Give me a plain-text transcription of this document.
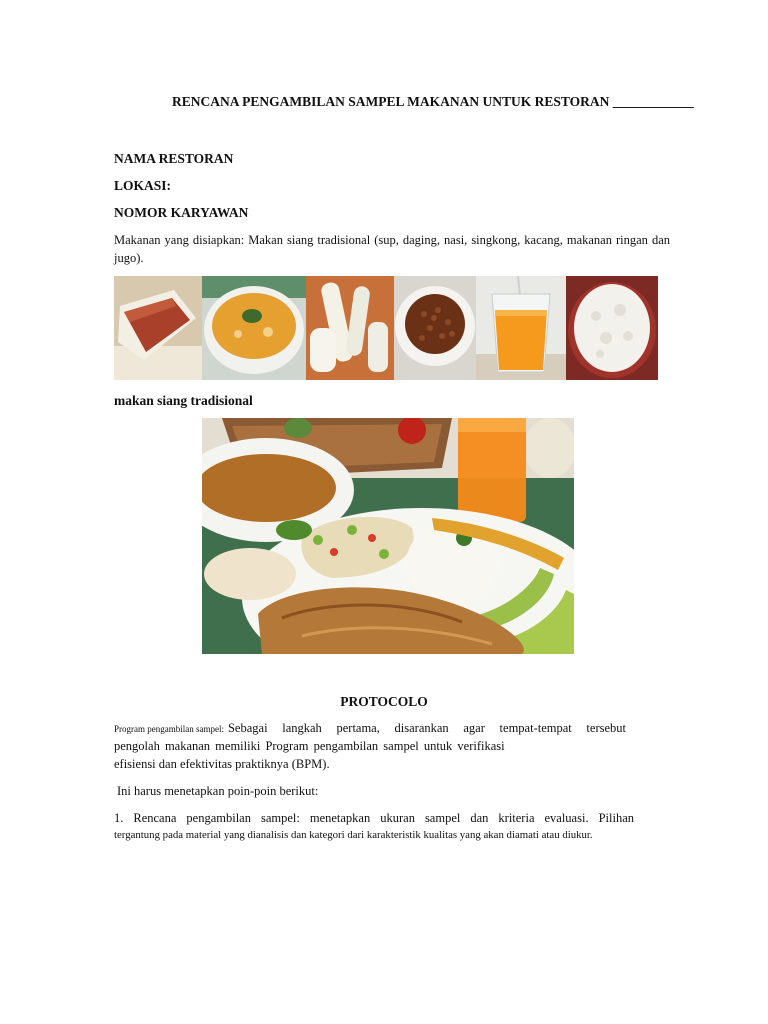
RENCANA PENGAMBILAN SAMPEL MAKANAN UNTUK RESTORAN ____________
NAMA RESTORAN
LOKASI:
NOMOR KARYAWAN
Makanan yang disiapkan: Makan siang tradisional (sup, daging, nasi, singkong, kacang, makanan ringan dan jugo).
makan siang tradisional
PROTOCOLO
Program pengambilan sampel: Sebagai langkah pertama, disarankan agar tempat-tempat tersebut
pengolah makanan memiliki Program pengambilan sampel untuk verifikasi
efisiensi dan efektivitas praktiknya (BPM).
Ini harus menetapkan poin-poin berikut:
1. Rencana pengambilan sampel: menetapkan ukuran sampel dan kriteria evaluasi. Pilihan
tergantung pada material yang dianalisis dan kategori dari karakteristik kualitas yang akan diamati atau diukur.
